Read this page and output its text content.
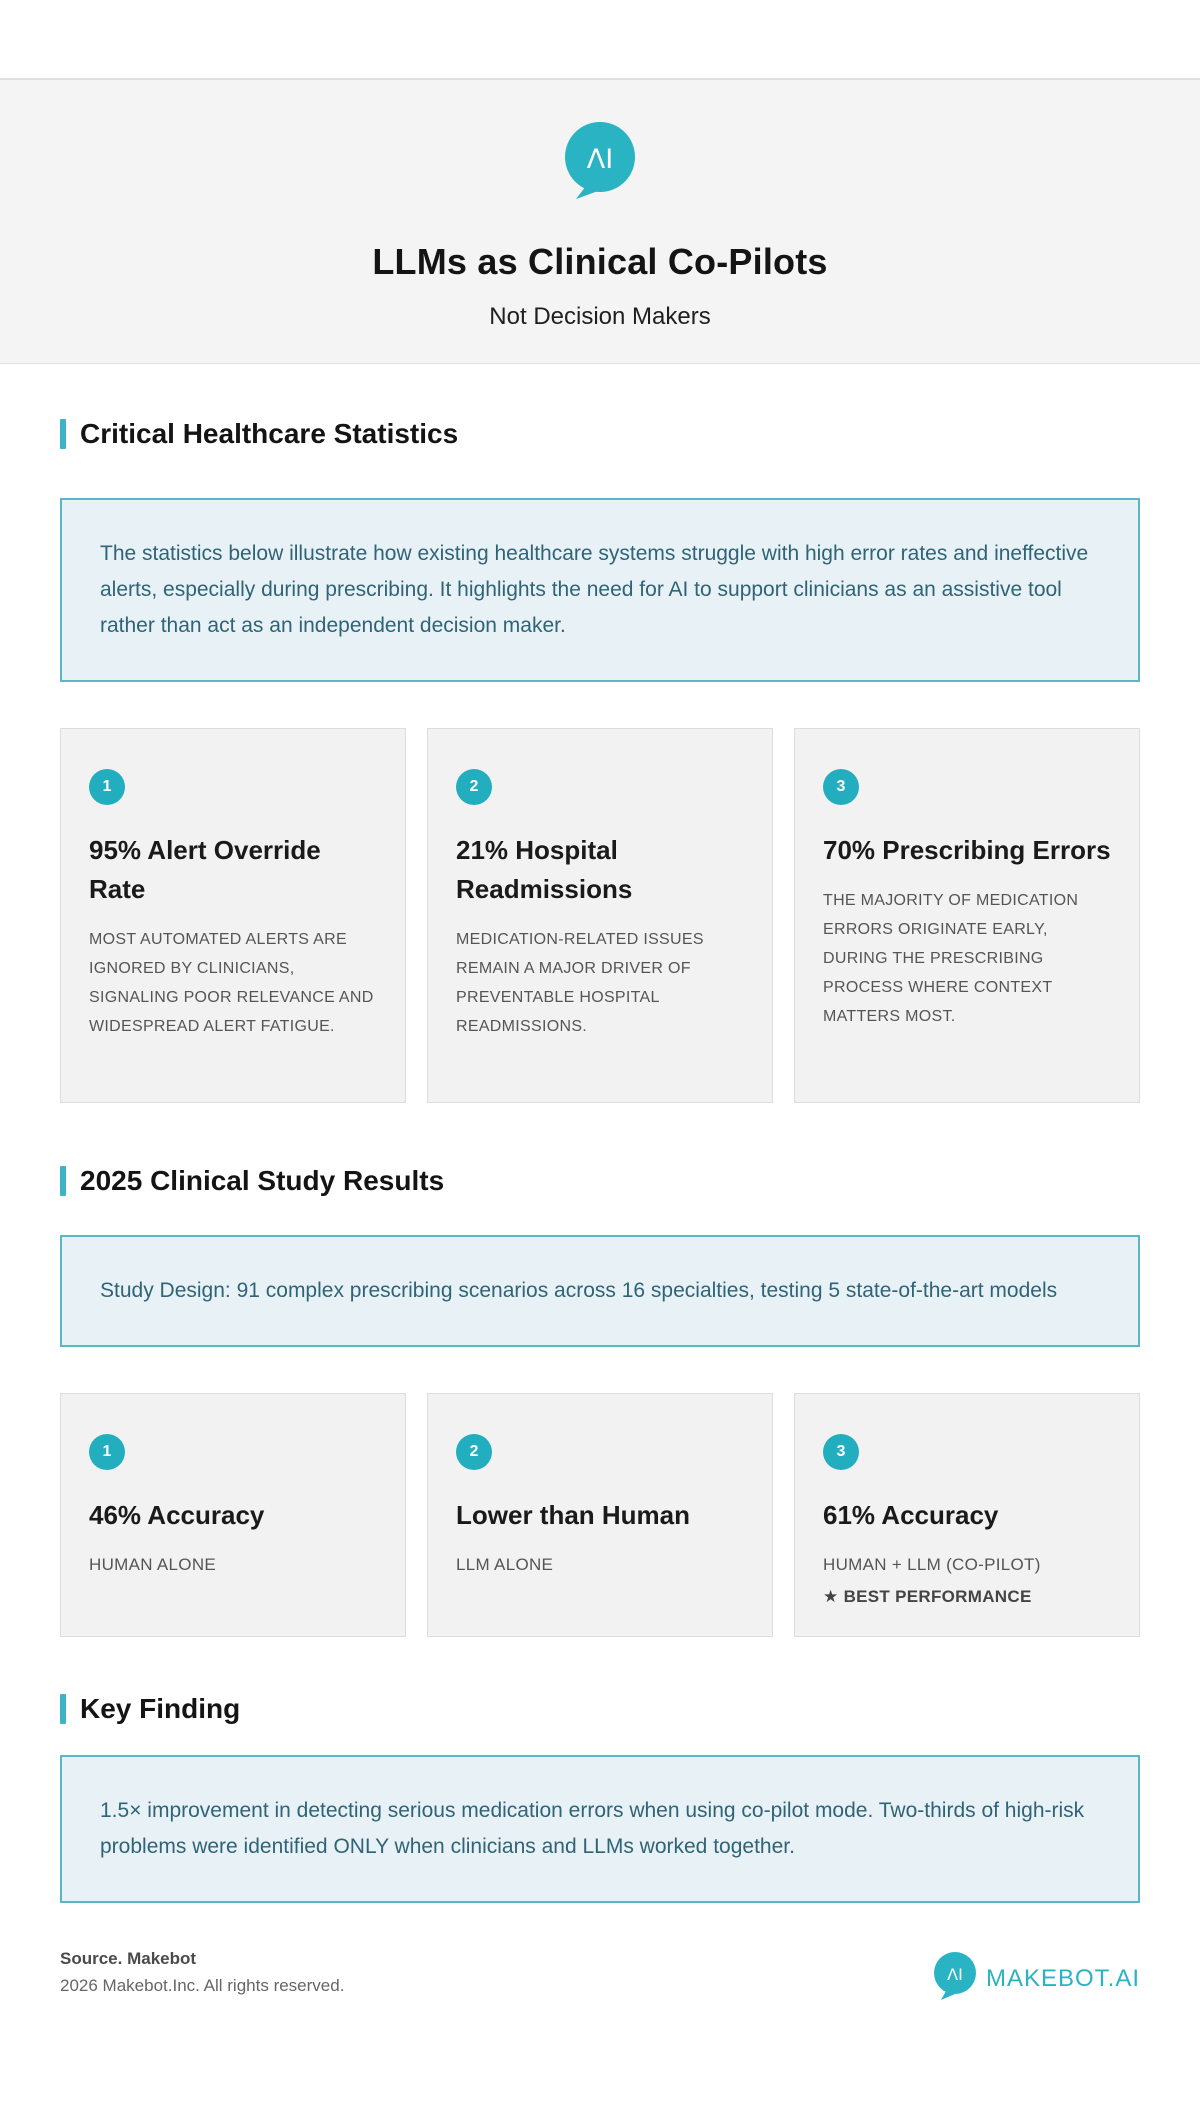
ΛI
LLMs as Clinical Co-Pilots
Not Decision Makers
Critical Healthcare Statistics
The statistics below illustrate how existing healthcare systems struggle with high error rates and ineffective alerts, especially during prescribing. It highlights the need for AI to support clinicians as an assistive tool rather than act as an independent decision maker.
1
95% Alert Override Rate
MOST AUTOMATED ALERTS ARE IGNORED BY CLINICIANS, SIGNALING POOR RELEVANCE AND WIDESPREAD ALERT FATIGUE.
2
21% Hospital Readmissions
MEDICATION-RELATED ISSUES REMAIN A MAJOR DRIVER OF PREVENTABLE HOSPITAL READMISSIONS.
3
70% Prescribing Errors
THE MAJORITY OF MEDICATION ERRORS ORIGINATE EARLY, DURING THE PRESCRIBING PROCESS WHERE CONTEXT MATTERS MOST.
2025 Clinical Study Results
Study Design: 91 complex prescribing scenarios across 16 specialties, testing 5 state-of-the-art models
1
46% Accuracy
HUMAN ALONE
2
Lower than Human
LLM ALONE
3
61% Accuracy
HUMAN + LLM (CO-PILOT)
★ BEST PERFORMANCE
Key Finding
1.5× improvement in detecting serious medication errors when using co-pilot mode. Two-thirds of high-risk problems were identified ONLY when clinicians and LLMs worked together.
Source. Makebot
2026 Makebot.Inc. All rights reserved.
ΛI MAKEBOT.AI
